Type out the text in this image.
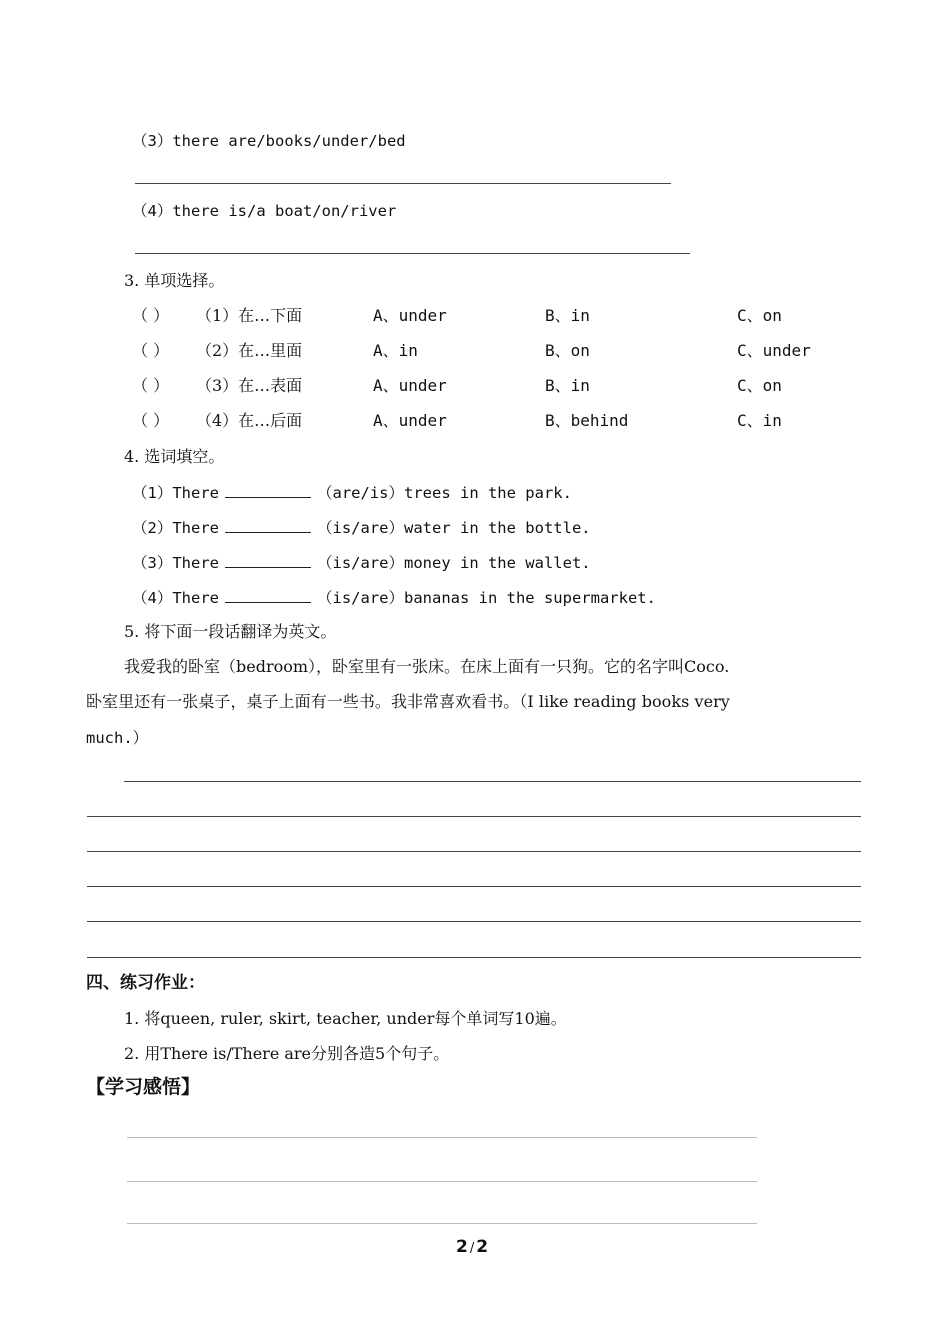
（3）there are/books/under/bed
（4）there is/a boat/on/river
3. 单项选择。
（ ） （1）在…下面	A、under	B、in	C、on
（ ） （2）在…里面	A、in	B、on	C、under
（ ） （3）在…表面	A、under	B、in	C、on
（ ） （4）在…后面	A、under	B、behind	C、in
4. 选词填空。
（1）There	（are/is）trees in the park.
（2）There	（is/are）water in the bottle.
（3）There	（is/are）money in the wallet.
（4）There	（is/are）bananas in the supermarket.
5. 将下面一段话翻译为英文。
我爱我的卧室（bedroom），卧室里有一张床。在床上面有一只狗。它的名字叫Coco.
卧室里还有一张桌子，桌子上面有一些书。我非常喜欢看书。（I like reading books very
much.）
四、练习作业：
1. 将queen, ruler, skirt, teacher, under每个单词写10遍。
2. 用There is/There are分别各造5个句子。
【学习感悟】
2 / 2
